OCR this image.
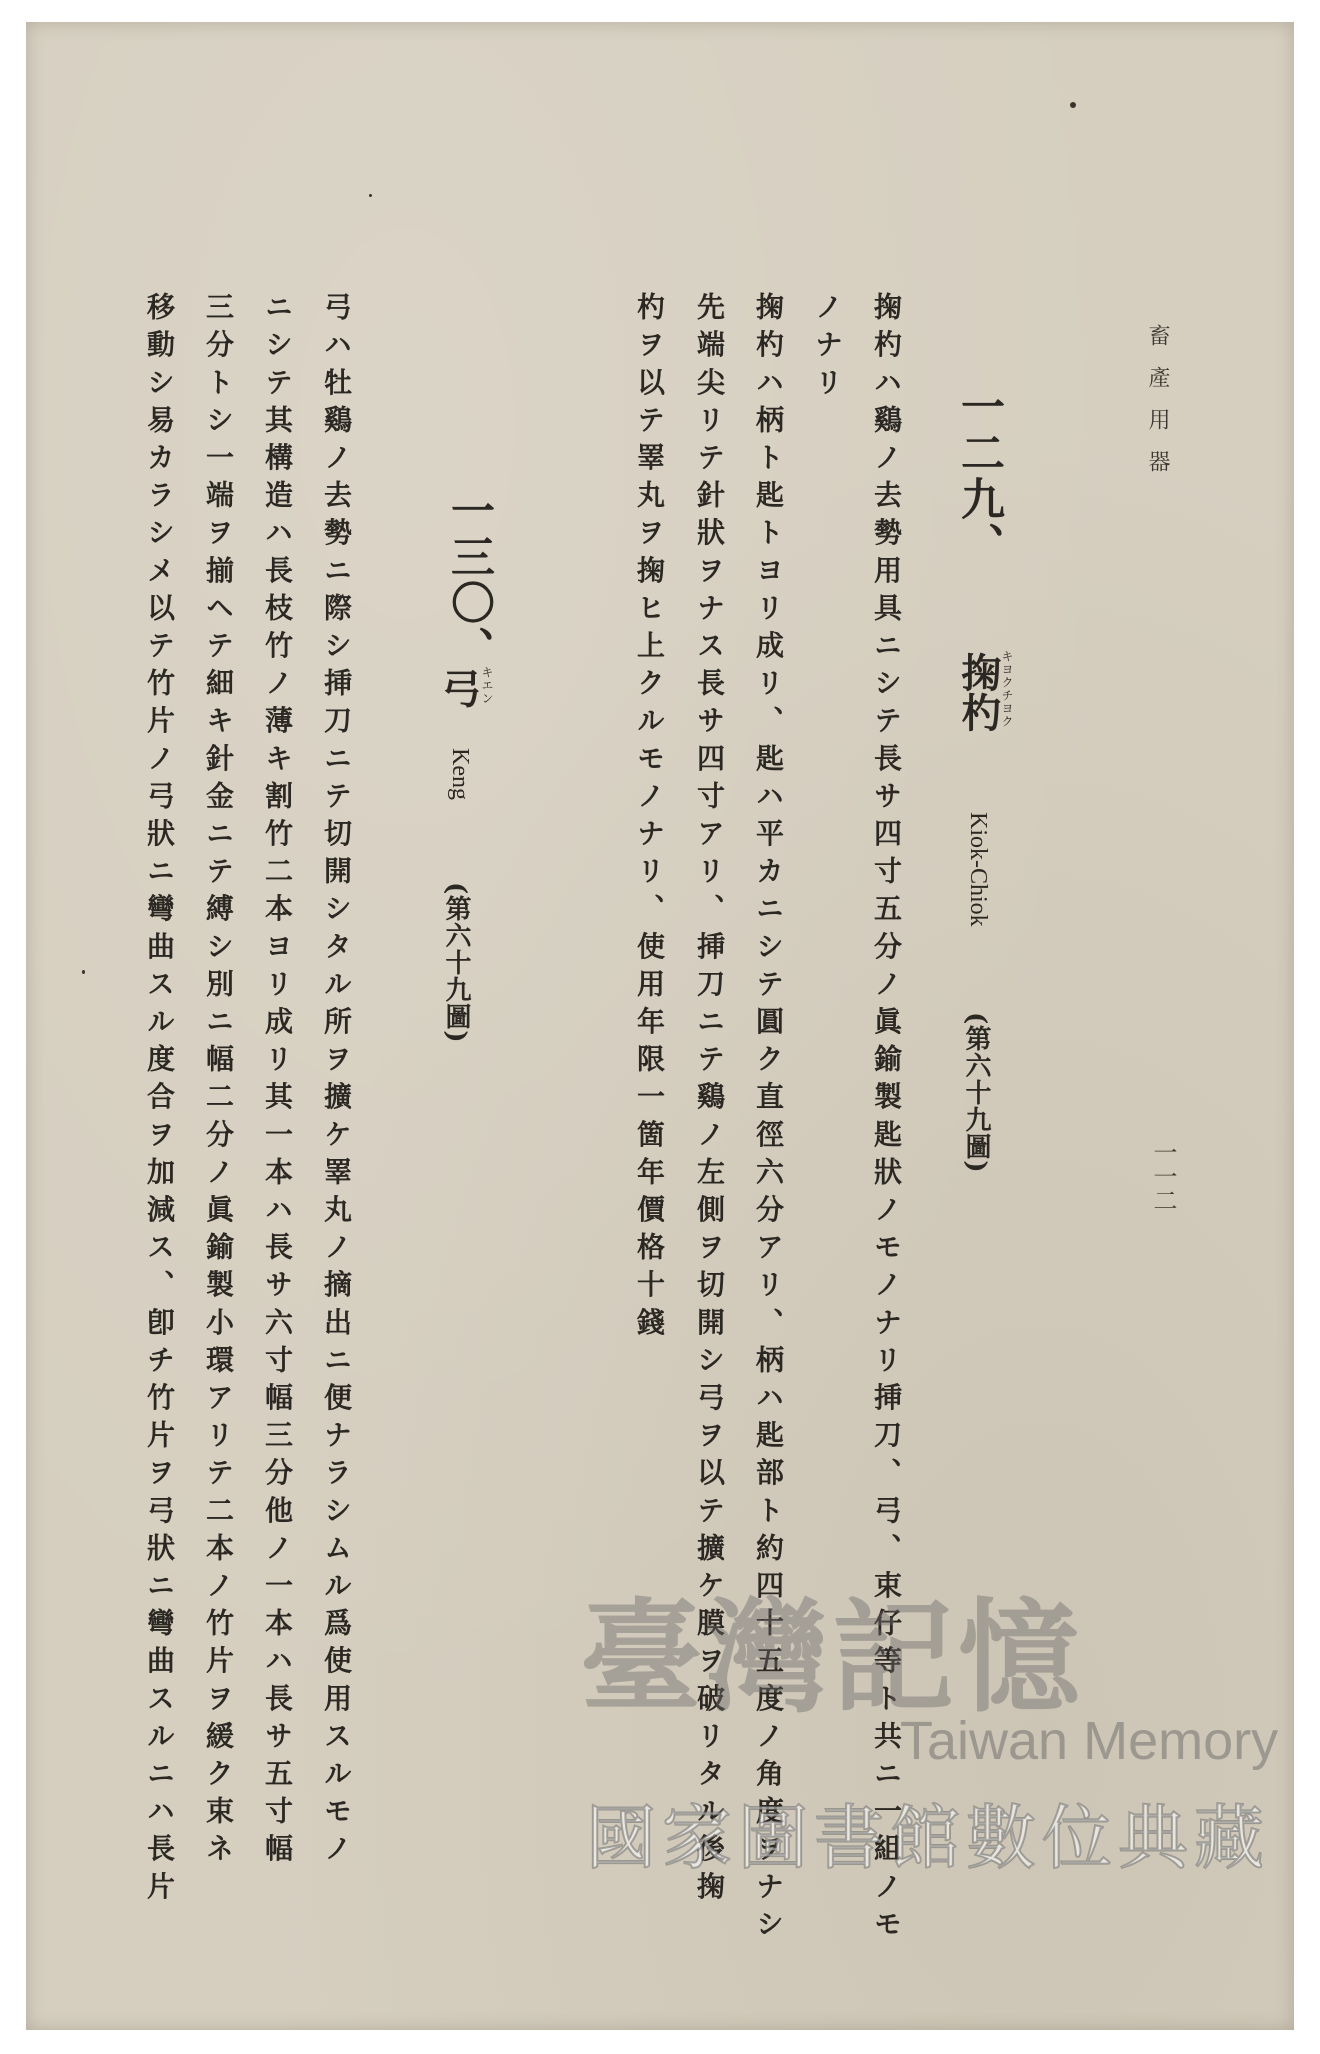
畜產用器
一一二
一二九、
掬杓
キヨクチヨク
Kiok-Chiok
(第六十九圖)
掬杓ハ鷄ノ去勢用具ニシテ長サ四寸五分ノ眞鍮製匙狀ノモノナリ挿刀、弓、束仔等ト共ニ一組ノモ
ノナリ
掬杓ハ柄ト匙トヨリ成リ、匙ハ平カニシテ圓ク直徑六分アリ、柄ハ匙部ト約四十五度ノ角度ヲナシ
先端尖リテ針狀ヲナス長サ四寸アリ、挿刀ニテ鷄ノ左側ヲ切開シ弓ヲ以テ擴ケ膜ヲ破リタル後掬
杓ヲ以テ睪丸ヲ掬ヒ上クルモノナリ、使用年限一箇年價格十錢
一三〇、
弓
キエン
Keng
(第六十九圖)
弓ハ牡鷄ノ去勢ニ際シ挿刀ニテ切開シタル所ヲ擴ケ睪丸ノ摘出ニ便ナラシムル爲使用スルモノ
ニシテ其構造ハ長枝竹ノ薄キ割竹二本ヨリ成リ其一本ハ長サ六寸幅三分他ノ一本ハ長サ五寸幅
三分トシ一端ヲ揃ヘテ細キ針金ニテ縛シ別ニ幅二分ノ眞鍮製小環アリテ二本ノ竹片ヲ緩ク束ネ
移動シ易カラシメ以テ竹片ノ弓狀ニ彎曲スル度合ヲ加減ス、卽チ竹片ヲ弓狀ニ彎曲スルニハ長片	臺灣記憶
Taiwan Memory
國家圖書館數位典藏
